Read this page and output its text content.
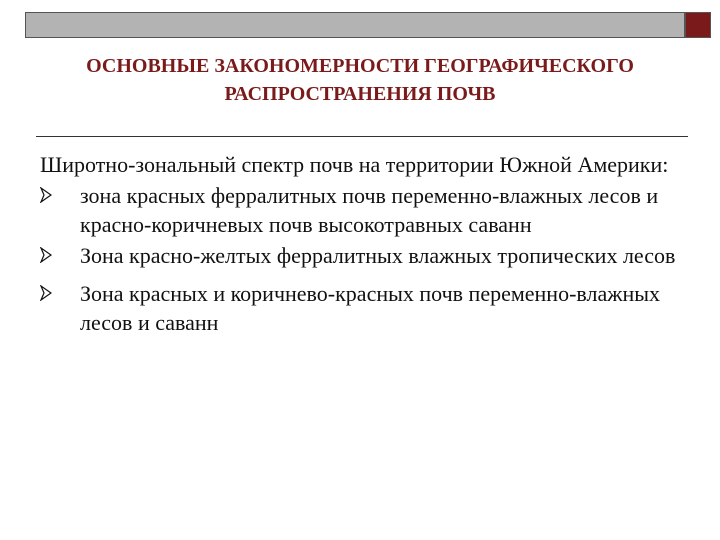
ОСНОВНЫЕ ЗАКОНОМЕРНОСТИ ГЕОГРАФИЧЕСКОГО
РАСПРОСТРАНЕНИЯ ПОЧВ
Широтно-зональный спектр почв на территории Южной Америки:
зона красных ферралитных почв переменно-влажных лесов и красно-коричневых почв высокотравных саванн
Зона красно-желтых ферралитных влажных тропических лесов
Зона красных и коричнево-красных почв переменно-влажных лесов и саванн
